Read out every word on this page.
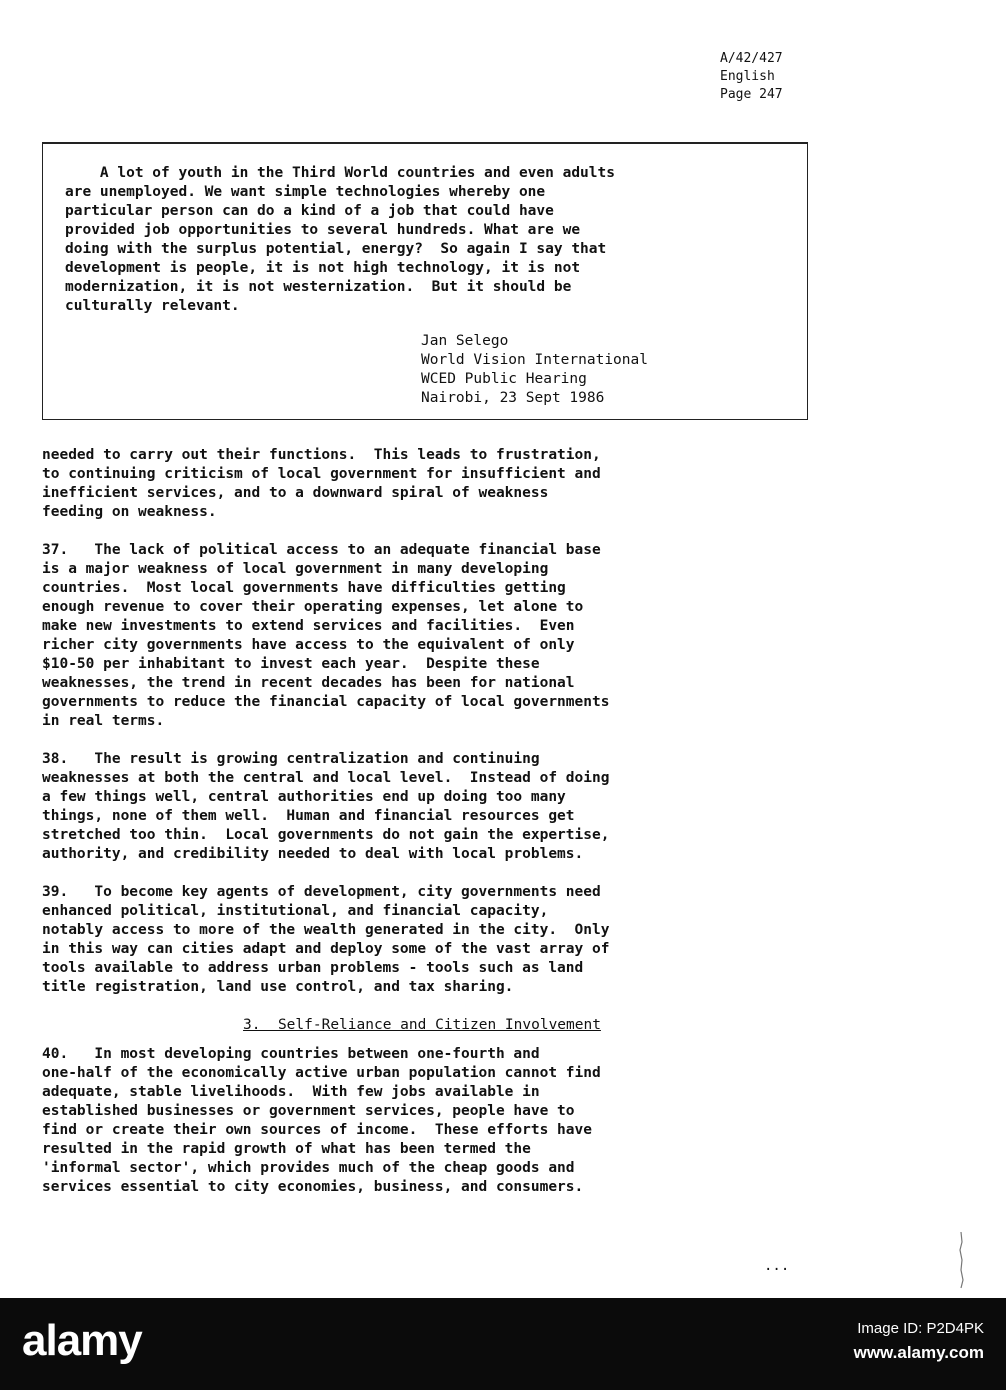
A/42/427
English
Page 247
A lot of youth in the Third World countries and even adults
are unemployed. We want simple technologies whereby one
particular person can do a kind of a job that could have
provided job opportunities to several hundreds. What are we
doing with the surplus potential, energy?  So again I say that
development is people, it is not high technology, it is not
modernization, it is not westernization.  But it should be
culturally relevant.
Jan Selego
World Vision International
WCED Public Hearing
Nairobi, 23 Sept 1986
needed to carry out their functions.  This leads to frustration,
to continuing criticism of local government for insufficient and
inefficient services, and to a downward spiral of weakness
feeding on weakness.
37.   The lack of political access to an adequate financial base
is a major weakness of local government in many developing
countries.  Most local governments have difficulties getting
enough revenue to cover their operating expenses, let alone to
make new investments to extend services and facilities.  Even
richer city governments have access to the equivalent of only
$10-50 per inhabitant to invest each year.  Despite these
weaknesses, the trend in recent decades has been for national
governments to reduce the financial capacity of local governments
in real terms.
38.   The result is growing centralization and continuing
weaknesses at both the central and local level.  Instead of doing
a few things well, central authorities end up doing too many
things, none of them well.  Human and financial resources get
stretched too thin.  Local governments do not gain the expertise,
authority, and credibility needed to deal with local problems.
39.   To become key agents of development, city governments need
enhanced political, institutional, and financial capacity,
notably access to more of the wealth generated in the city.  Only
in this way can cities adapt and deploy some of the vast array of
tools available to address urban problems - tools such as land
title registration, land use control, and tax sharing.
3.  Self-Reliance and Citizen Involvement
40.   In most developing countries between one-fourth and
one-half of the economically active urban population cannot find
adequate, stable livelihoods.  With few jobs available in
established businesses or government services, people have to
find or create their own sources of income.  These efforts have
resulted in the rapid growth of what has been termed the
'informal sector', which provides much of the cheap goods and
services essential to city economies, business, and consumers.
...
alamy	Image ID: P2D4PK
www.alamy.com
